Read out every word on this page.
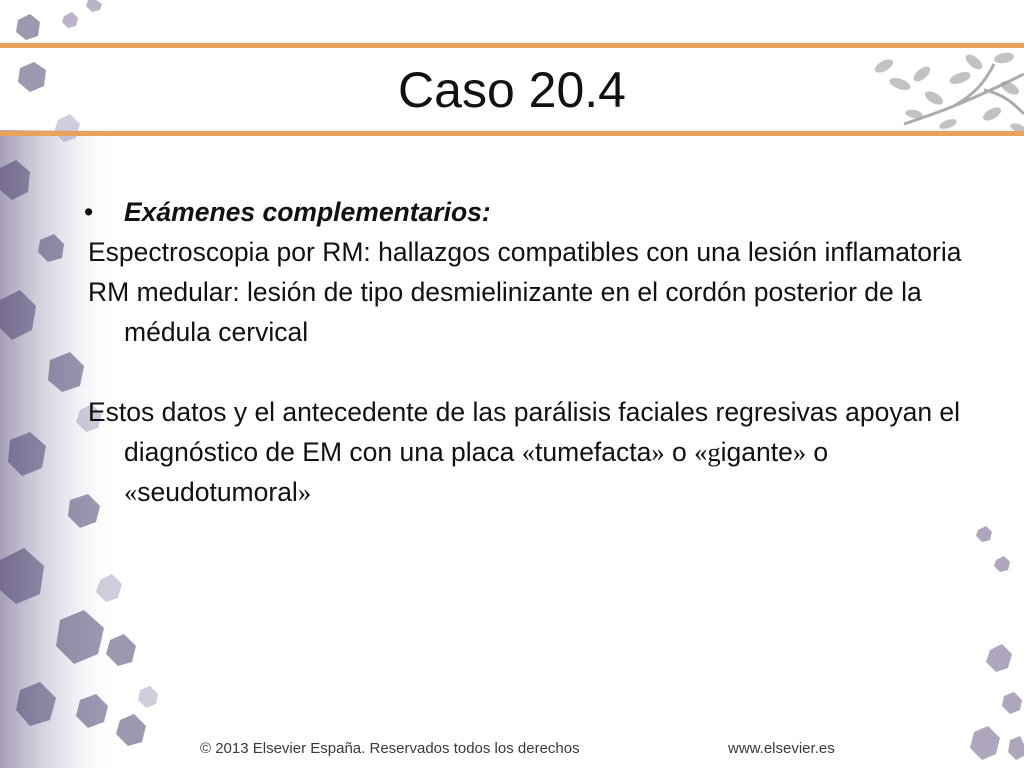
Caso 20.4
• Exámenes complementarios:

Espectroscopia por RM: hallazgos compatibles con una lesión inflamatoria

RM medular: lesión de tipo desmielinizante en el cordón posterior de la médula cervical

Estos datos y el antecedente de las parálisis faciales regresivas apoyan el diagnóstico de EM con una placa «tumefacta» o «gigante» o «seudotumoral»

© 2013 Elsevier España. Reservados todos los derechos	www.elsevier.es
